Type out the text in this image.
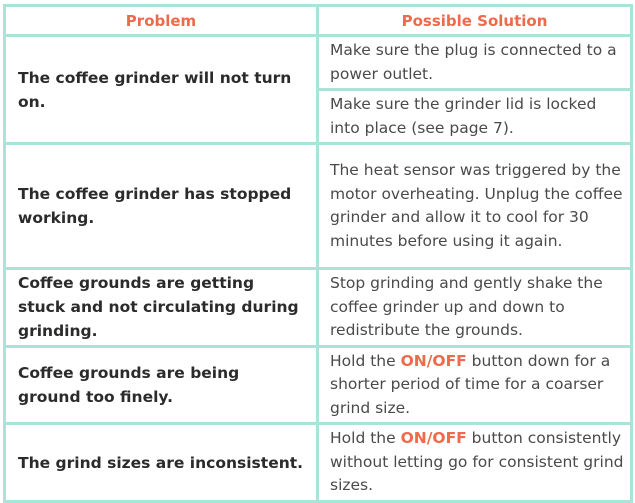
Problem	Possible Solution
The coffee grinder will not turn on.	Make sure the plug is connected to a power outlet.
	Make sure the grinder lid is locked into place (see page 7).
The coffee grinder has stopped working.	The heat sensor was triggered by the motor overheating. Unplug the coffee grinder and allow it to cool for 30 minutes before using it again.
Coffee grounds are getting stuck and not circulating during grinding.	Stop grinding and gently shake the coffee grinder up and down to redistribute the grounds.
Coffee grounds are being ground too finely.	Hold the ON/OFF button down for a shorter period of time for a coarser grind size.
The grind sizes are inconsistent.	Hold the ON/OFF button consistently without letting go for consistent grind sizes.
